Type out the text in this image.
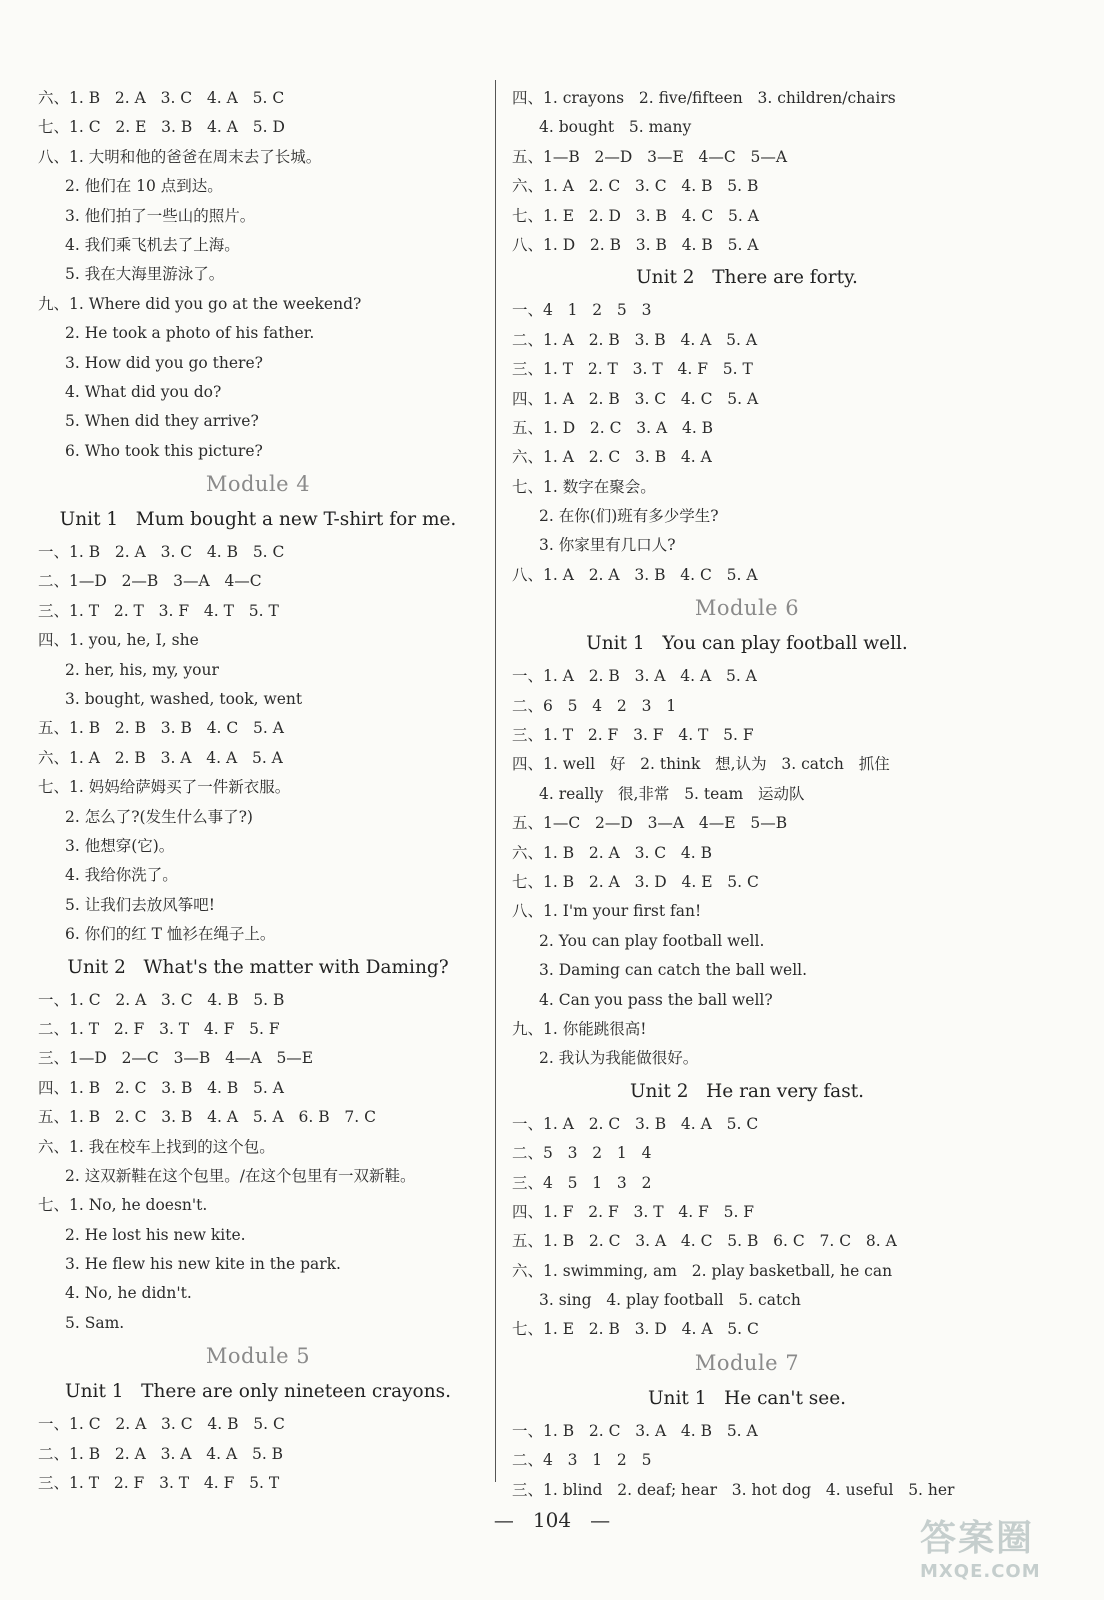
六、1. B   2. A   3. C   4. A   5. C
七、1. C   2. E   3. B   4. A   5. D
八、1. 大明和他的爸爸在周末去了长城。
2. 他们在 10 点到达。
3. 他们拍了一些山的照片。
4. 我们乘飞机去了上海。
5. 我在大海里游泳了。
九、1. Where did you go at the weekend?
2. He took a photo of his father.
3. How did you go there?
4. What did you do?
5. When did they arrive?
6. Who took this picture?
Module 4
Unit 1   Mum bought a new T-shirt for me.
一、1. B   2. A   3. C   4. B   5. C
二、1—D   2—B   3—A   4—C
三、1. T   2. T   3. F   4. T   5. T
四、1. you, he, I, she
2. her, his, my, your
3. bought, washed, took, went
五、1. B   2. B   3. B   4. C   5. A
六、1. A   2. B   3. A   4. A   5. A
七、1. 妈妈给萨姆买了一件新衣服。
2. 怎么了?(发生什么事了?)
3. 他想穿(它)。
4. 我给你洗了。
5. 让我们去放风筝吧!
6. 你们的红 T 恤衫在绳子上。
Unit 2   What's the matter with Daming?
一、1. C   2. A   3. C   4. B   5. B
二、1. T   2. F   3. T   4. F   5. F
三、1—D   2—C   3—B   4—A   5—E
四、1. B   2. C   3. B   4. B   5. A
五、1. B   2. C   3. B   4. A   5. A   6. B   7. C
六、1. 我在校车上找到的这个包。
2. 这双新鞋在这个包里。/在这个包里有一双新鞋。
七、1. No, he doesn't.
2. He lost his new kite.
3. He flew his new kite in the park.
4. No, he didn't.
5. Sam.
Module 5
Unit 1   There are only nineteen crayons.
一、1. C   2. A   3. C   4. B   5. C
二、1. B   2. A   3. A   4. A   5. B
三、1. T   2. F   3. T   4. F   5. T
四、1. crayons   2. five/fifteen   3. children/chairs
4. bought   5. many
五、1—B   2—D   3—E   4—C   5—A
六、1. A   2. C   3. C   4. B   5. B
七、1. E   2. D   3. B   4. C   5. A
八、1. D   2. B   3. B   4. B   5. A
Unit 2   There are forty.
一、4   1   2   5   3
二、1. A   2. B   3. B   4. A   5. A
三、1. T   2. T   3. T   4. F   5. T
四、1. A   2. B   3. C   4. C   5. A
五、1. D   2. C   3. A   4. B
六、1. A   2. C   3. B   4. A
七、1. 数字在聚会。
2. 在你(们)班有多少学生?
3. 你家里有几口人?
八、1. A   2. A   3. B   4. C   5. A
Module 6
Unit 1   You can play football well.
一、1. A   2. B   3. A   4. A   5. A
二、6   5   4   2   3   1
三、1. T   2. F   3. F   4. T   5. F
四、1. well   好   2. think   想,认为   3. catch   抓住
4. really   很,非常   5. team   运动队
五、1—C   2—D   3—A   4—E   5—B
六、1. B   2. A   3. C   4. B
七、1. B   2. A   3. D   4. E   5. C
八、1. I'm your first fan!
2. You can play football well.
3. Daming can catch the ball well.
4. Can you pass the ball well?
九、1. 你能跳很高!
2. 我认为我能做很好。
Unit 2   He ran very fast.
一、1. A   2. C   3. B   4. A   5. C
二、5   3   2   1   4
三、4   5   1   3   2
四、1. F   2. F   3. T   4. F   5. F
五、1. B   2. C   3. A   4. C   5. B   6. C   7. C   8. A
六、1. swimming, am   2. play basketball, he can
3. sing   4. play football   5. catch
七、1. E   2. B   3. D   4. A   5. C
Module 7
Unit 1   He can't see.
一、1. B   2. C   3. A   4. B   5. A
二、4   3   1   2   5
三、1. blind   2. deaf; hear   3. hot dog   4. useful   5. her
—   104   —	答案圈
MXQE.COM
